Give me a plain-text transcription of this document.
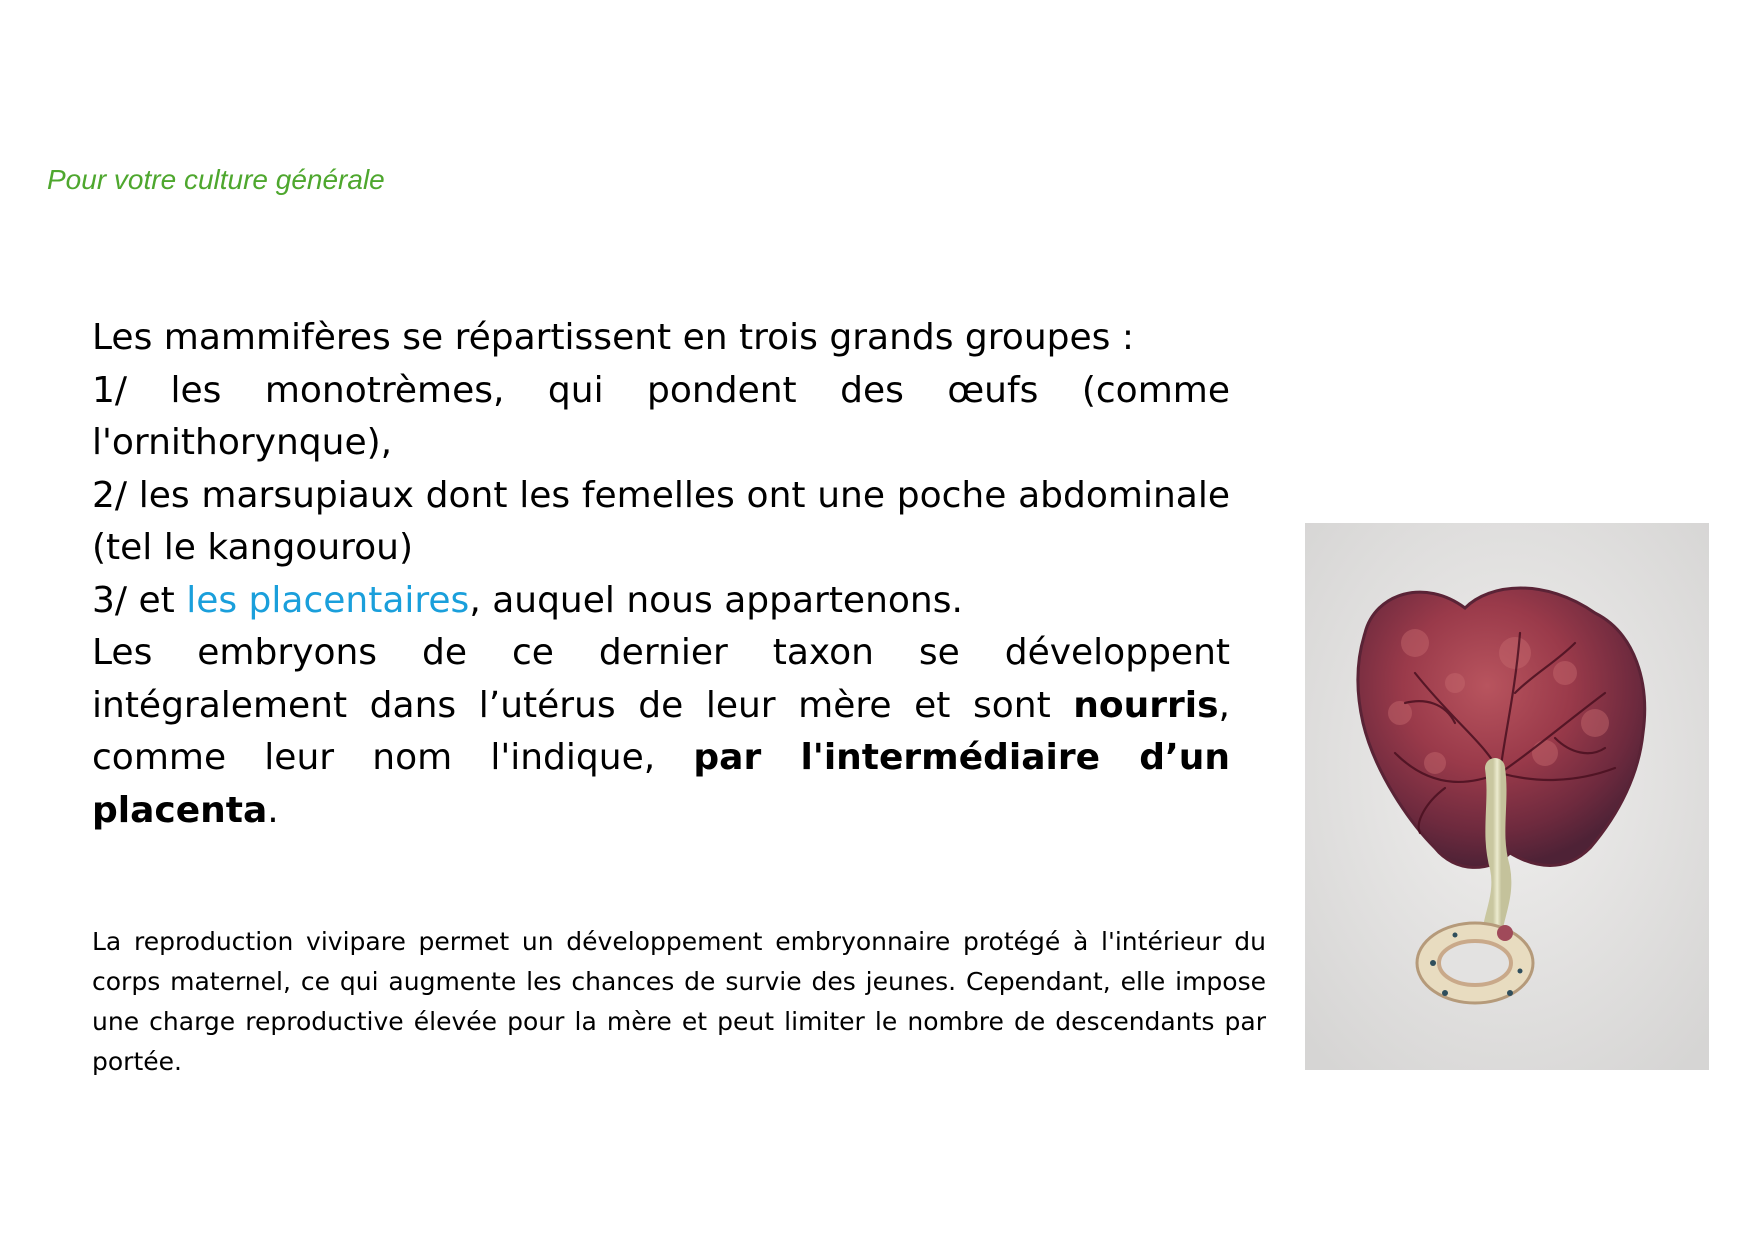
Pour votre culture générale

Les mammifères se répartissent en trois grands groupes :

1/ les monotrèmes, qui pondent des œufs (comme l'ornithorynque),

2/ les marsupiaux dont les femelles ont une poche abdominale (tel le kangourou)

3/ et les placentaires, auquel nous appartenons.

Les embryons de ce dernier taxon se développent intégralement dans l’utérus de leur mère et sont nourris, comme leur nom l'indique, par l'intermédiaire d’un placenta.

La reproduction vivipare permet un développement embryonnaire protégé à l'intérieur du corps maternel, ce qui augmente les chances de survie des jeunes. Cependant, elle impose une charge reproductive élevée pour la mère et peut limiter le nombre de descendants par portée.
